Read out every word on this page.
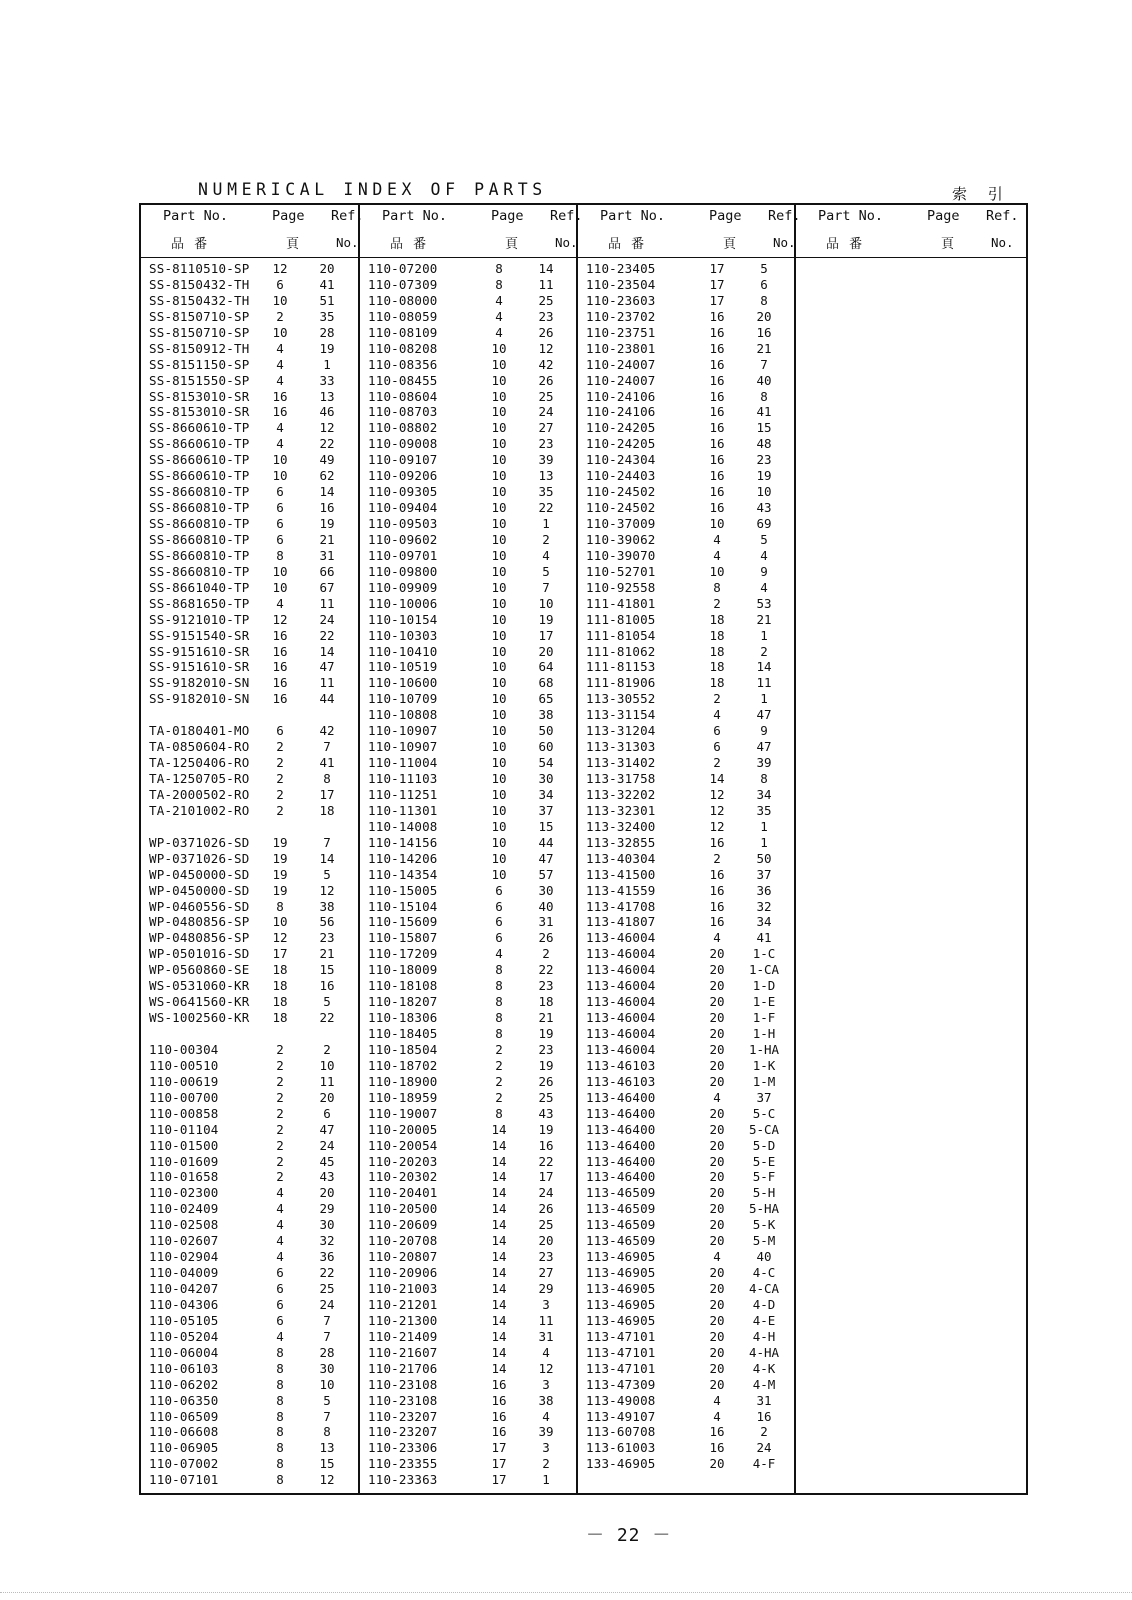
NUMERICAL INDEX OF PARTS	索 引
Part No.	Page Ref.
品 番	頁	No.
SS-8110510-SP 12	20
SS-8150432-TH	6	41
SS-8150432-TH 10	51
SS-8150710-SP	2	35
SS-8150710-SP 10	28
SS-8150912-TH	4	19
SS-8151150-SP	4	1
SS-8151550-SP	4	33
SS-8153010-SR 16	13
SS-8153010-SR 16	46
SS-8660610-TP	4	12
SS-8660610-TP	4	22
SS-8660610-TP 10	49
SS-8660610-TP 10	62
SS-8660810-TP	6	14
SS-8660810-TP	6	16
SS-8660810-TP	6	19
SS-8660810-TP	6	21
SS-8660810-TP	8	31
SS-8660810-TP 10	66
SS-8661040-TP 10	67
SS-8681650-TP	4	11
SS-9121010-TP 12	24
SS-9151540-SR 16	22
SS-9151610-SR 16	14
SS-9151610-SR 16	47
SS-9182010-SN 16	11
SS-9182010-SN 16	44
TA-0180401-MO	6	42
TA-0850604-RO	2	7
TA-1250406-RO	2	41
TA-1250705-RO	2	8
TA-2000502-RO	2	17
TA-2101002-RO	2	18
WP-0371026-SD 19	7
WP-0371026-SD 19	14
WP-0450000-SD 19	5
WP-0450000-SD 19	12
WP-0460556-SD	8	38
WP-0480856-SP 10	56
WP-0480856-SP 12	23
WP-0501016-SD 17	21
WP-0560860-SE 18	15
WS-0531060-KR 18	16
WS-0641560-KR 18	5
WS-1002560-KR 18	22
110-00304	2	2
110-00510	2	10
110-00619	2	11
110-00700	2	20
110-00858	2	6
110-01104	2	47
110-01500	2	24
110-01609	2	45
110-01658	2	43
110-02300	4	20
110-02409	4	29
110-02508	4	30
110-02607	4	32
110-02904	4	36
110-04009	6	22
110-04207	6	25
110-04306	6	24
110-05105	6	7
110-05204	4	7
110-06004	8	28
110-06103	8	30
110-06202	8	10
110-06350	8	5
110-06509	8	7
110-06608	8	8
110-06905	8	13
110-07002	8	15
110-07101	8	12
Part No.	Page Ref.
品 番	頁	No.
110-07200	8	14
110-07309	8	11
110-08000	4	25
110-08059	4	23
110-08109	4	26
110-08208	10	12
110-08356	10	42
110-08455	10	26
110-08604	10	25
110-08703	10	24
110-08802	10	27
110-09008	10	23
110-09107	10	39
110-09206	10	13
110-09305	10	35
110-09404	10	22
110-09503	10	1
110-09602	10	2
110-09701	10	4
110-09800	10	5
110-09909	10	7
110-10006	10	10
110-10154	10	19
110-10303	10	17
110-10410	10	20
110-10519	10	64
110-10600	10	68
110-10709	10	65
110-10808	10	38
110-10907	10	50
110-10907	10	60
110-11004	10	54
110-11103	10	30
110-11251	10	34
110-11301	10	37
110-14008	10	15
110-14156	10	44
110-14206	10	47
110-14354	10	57
110-15005	6	30
110-15104	6	40
110-15609	6	31
110-15807	6	26
110-17209	4	2
110-18009	8	22
110-18108	8	23
110-18207	8	18
110-18306	8	21
110-18405	8	19
110-18504	2	23
110-18702	2	19
110-18900	2	26
110-18959	2	25
110-19007	8	43
110-20005	14	19
110-20054	14	16
110-20203	14	22
110-20302	14	17
110-20401	14	24
110-20500	14	26
110-20609	14	25
110-20708	14	20
110-20807	14	23
110-20906	14	27
110-21003	14	29
110-21201	14	3
110-21300	14	11
110-21409	14	31
110-21607	14	4
110-21706	14	12
110-23108	16	3
110-23108	16	38
110-23207	16	4
110-23207	16	39
110-23306	17	3
110-23355	17	2
110-23363	17	1
Part No.	Page Ref.
品 番	頁	No.
110-23405	17	5
110-23504	17	6
110-23603	17	8
110-23702	16	20
110-23751	16	16
110-23801	16	21
110-24007	16	7
110-24007	16	40
110-24106	16	8
110-24106	16	41
110-24205	16	15
110-24205	16	48
110-24304	16	23
110-24403	16	19
110-24502	16	10
110-24502	16	43
110-37009	10	69
110-39062	4	5
110-39070	4	4
110-52701	10	9
110-92558	8	4
111-41801	2	53
111-81005	18	21
111-81054	18	1
111-81062	18	2
111-81153	18	14
111-81906	18	11
113-30552	2	1
113-31154	4	47
113-31204	6	9
113-31303	6	47
113-31402	2	39
113-31758	14	8
113-32202	12	34
113-32301	12	35
113-32400	12	1
113-32855	16	1
113-40304	2	50
113-41500	16	37
113-41559	16	36
113-41708	16	32
113-41807	16	34
113-46004	4	41
113-46004	20	1-C
113-46004	20 1-CA
113-46004	20	1-D
113-46004	20	1-E
113-46004	20	1-F
113-46004	20	1-H
113-46004	20 1-HA
113-46103	20	1-K
113-46103	20	1-M
113-46400	4	37
113-46400	20	5-C
113-46400	20 5-CA
113-46400	20	5-D
113-46400	20	5-E
113-46400	20	5-F
113-46509	20	5-H
113-46509	20 5-HA
113-46509	20	5-K
113-46509	20	5-M
113-46905	4	40
113-46905	20	4-C
113-46905	20 4-CA
113-46905	20	4-D
113-46905	20	4-E
113-47101	20	4-H
113-47101	20 4-HA
113-47101	20	4-K
113-47309	20	4-M
113-49008	4	31
113-49107	4	16
113-60708	16	2
113-61003	16	24
133-46905	20	4-F
Part No.	Page Ref.
品 番	頁	No.
－ 22 －
